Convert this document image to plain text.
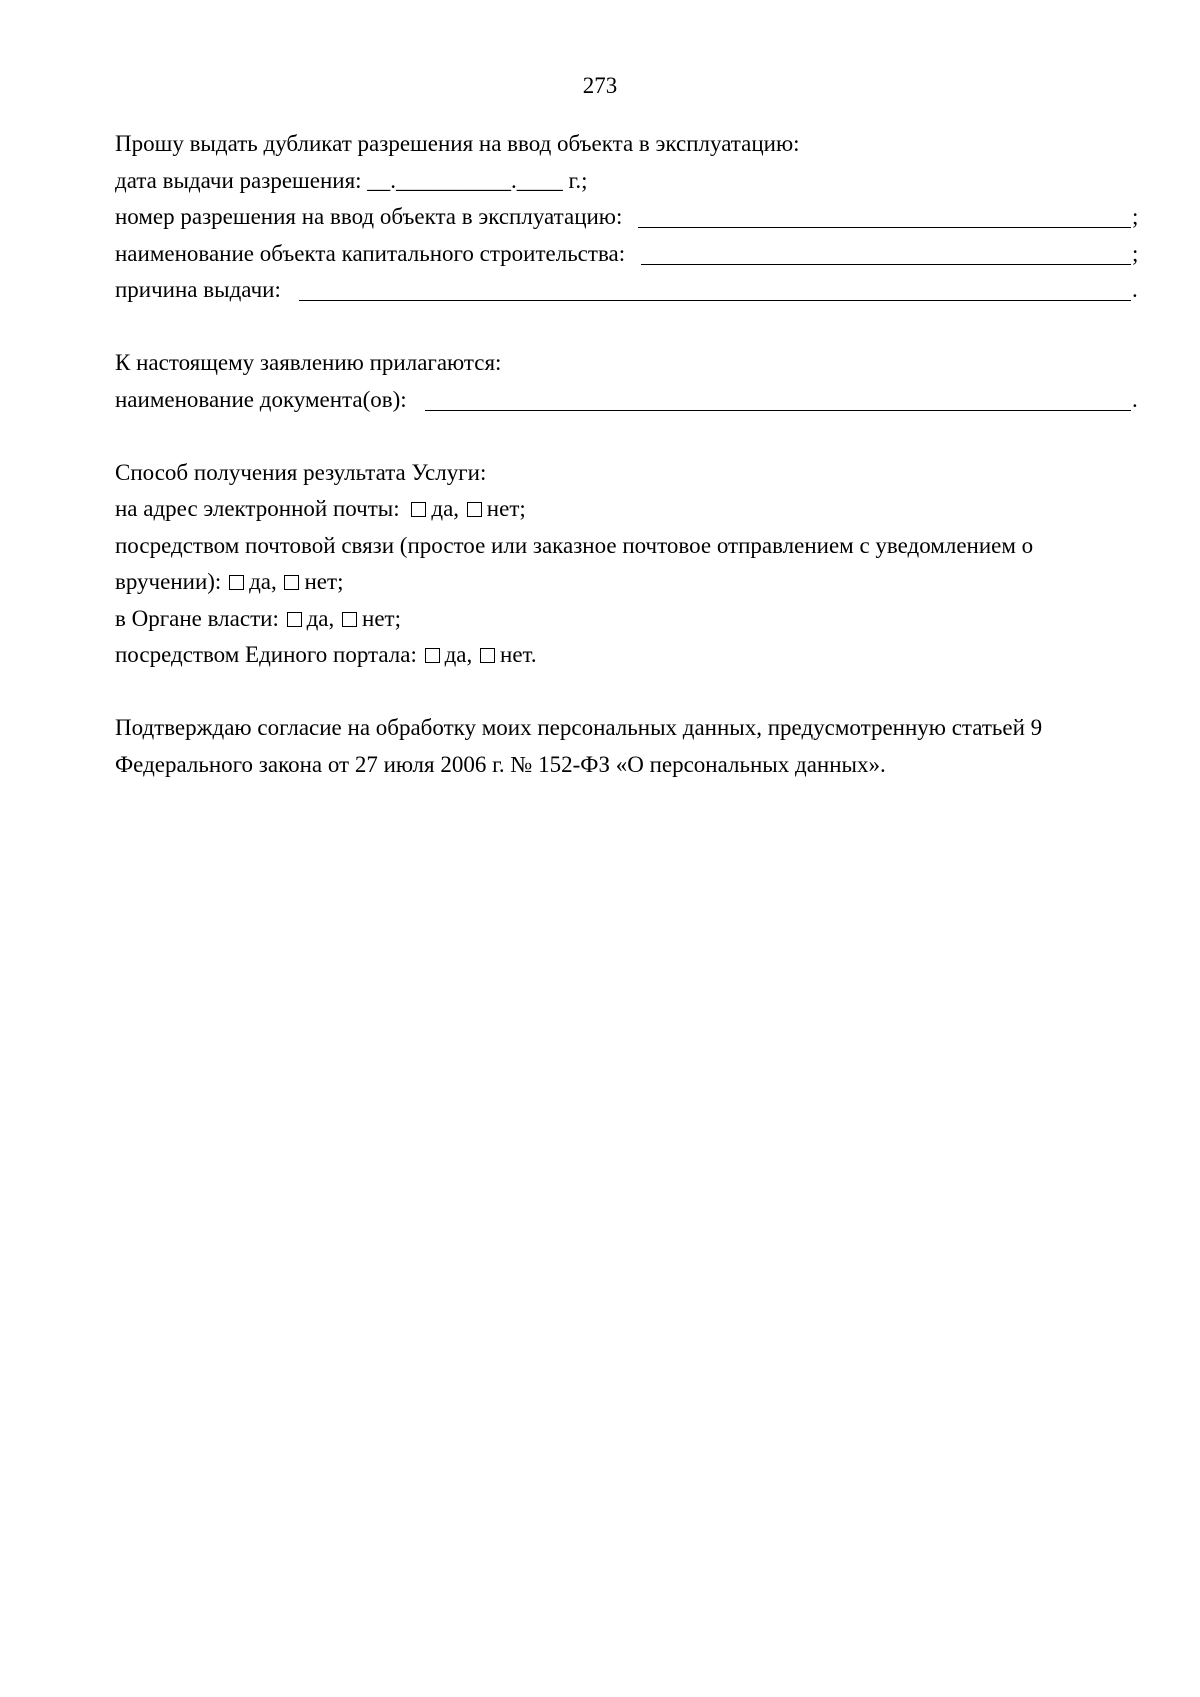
273
Прошу выдать дубликат разрешения на ввод объекта в эксплуатацию:
дата выдачи разрешения: __.__________.____ г.;
номер разрешения на ввод объекта в эксплуатацию:	;
наименование объекта капитального строительства:	;
причина выдачи:	.
К настоящему заявлению прилагаются:
наименование документа(ов):	.
Способ получения результата Услуги:
на адрес электронной почты: да, нет;
посредством почтовой связи (простое или заказное почтовое отправлением с уведомлением о вручении): да, нет;
в Органе власти: да, нет;
посредством Единого портала: да, нет.
Подтверждаю согласие на обработку моих персональных данных, предусмотренную статьей 9 Федерального закона от 27 июля 2006 г. № 152-ФЗ «О персональных данных».
